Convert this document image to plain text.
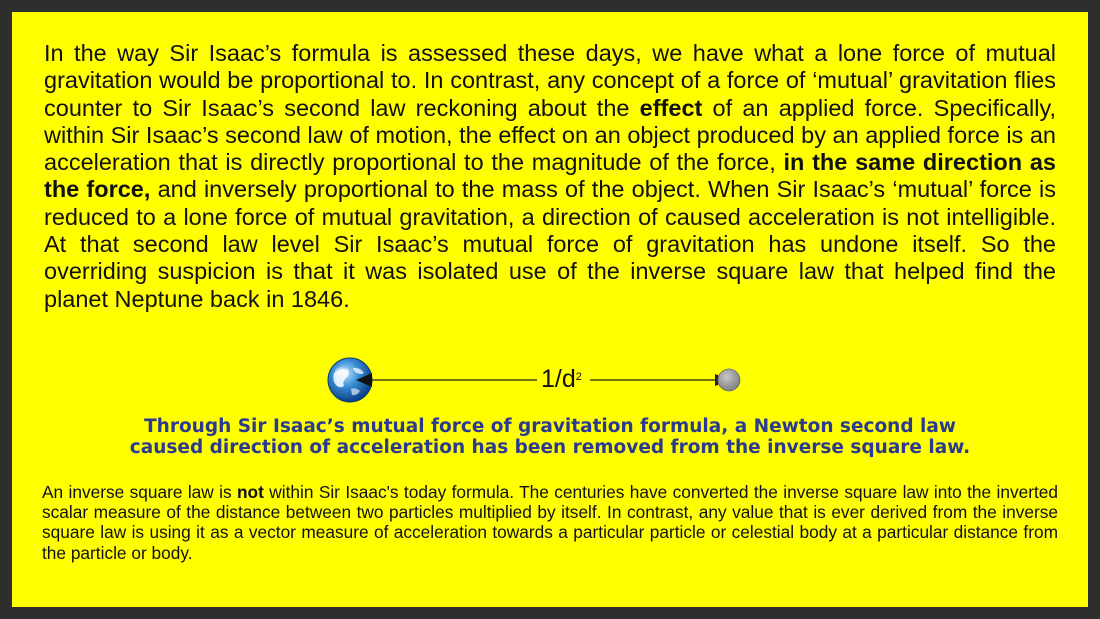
In the way Sir Isaac’s formula is assessed these days, we have what a lone force of mutual gravitation would be proportional to. In contrast, any concept of a force of ‘mutual’ gravitation flies counter to Sir Isaac’s second law reckoning about the effect of an applied force. Specifically, within Sir Isaac’s second law of motion, the effect on an object produced by an applied force is an acceleration that is directly proportional to the magnitude of the force, in the same direction as the force, and inversely proportional to the mass of the object. When Sir Isaac’s ‘mutual’ force is reduced to a lone force of mutual gravitation, a direction of caused acceleration is not intelligible. At that second law level Sir Isaac’s mutual force of gravitation has undone itself. So the overriding suspicion is that it was isolated use of the inverse square law that helped find the planet Neptune back in 1846.

$1/d^2$

Through Sir Isaac’s mutual force of gravitation formula, a Newton second law
caused direction of acceleration has been removed from the inverse square law.

An inverse square law is not within Sir Isaac's today formula. The centuries have converted the inverse square law into the inverted scalar measure of the distance between two particles multiplied by itself. In contrast, any value that is ever derived from the inverse square law is using it as a vector measure of acceleration towards a particular particle or celestial body at a particular distance from the particle or body.
